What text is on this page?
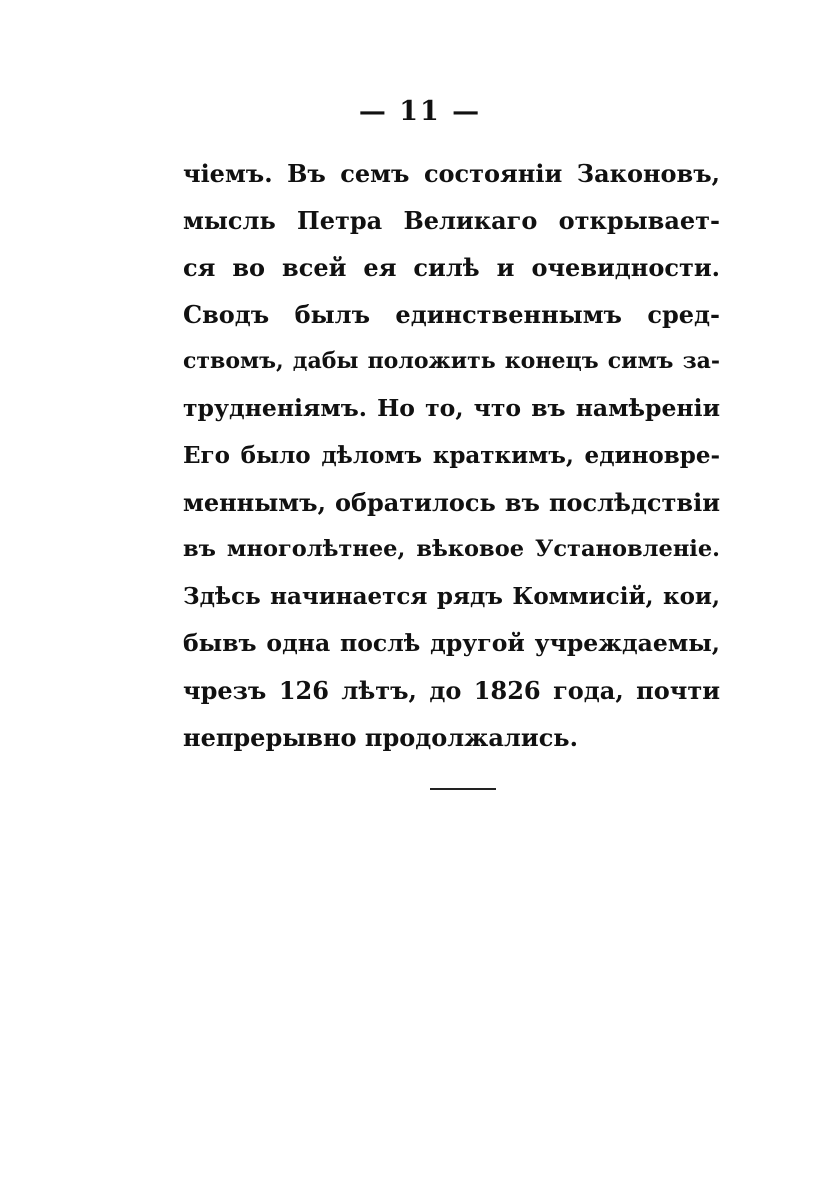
— 11 —
чіемъ. Въ семъ состояніи Законовъ,
мысль Петра Великаго открывает-
ся во всей ея силѣ и очевидности.
Сводъ былъ единственнымъ сред-
ствомъ, дабы положить конецъ симъ за-
трудненіямъ. Но то, что въ намѣреніи
Его было дѣломъ краткимъ, единовре-
меннымъ, обратилось въ послѣдствіи
въ многолѣтнее, вѣковое Установленіе.
Здѣсь начинается рядъ Коммисій, кои,
бывъ одна послѣ другой учреждаемы,
чрезъ 126 лѣтъ, до 1826 года, почти
непрерывно продолжались.
